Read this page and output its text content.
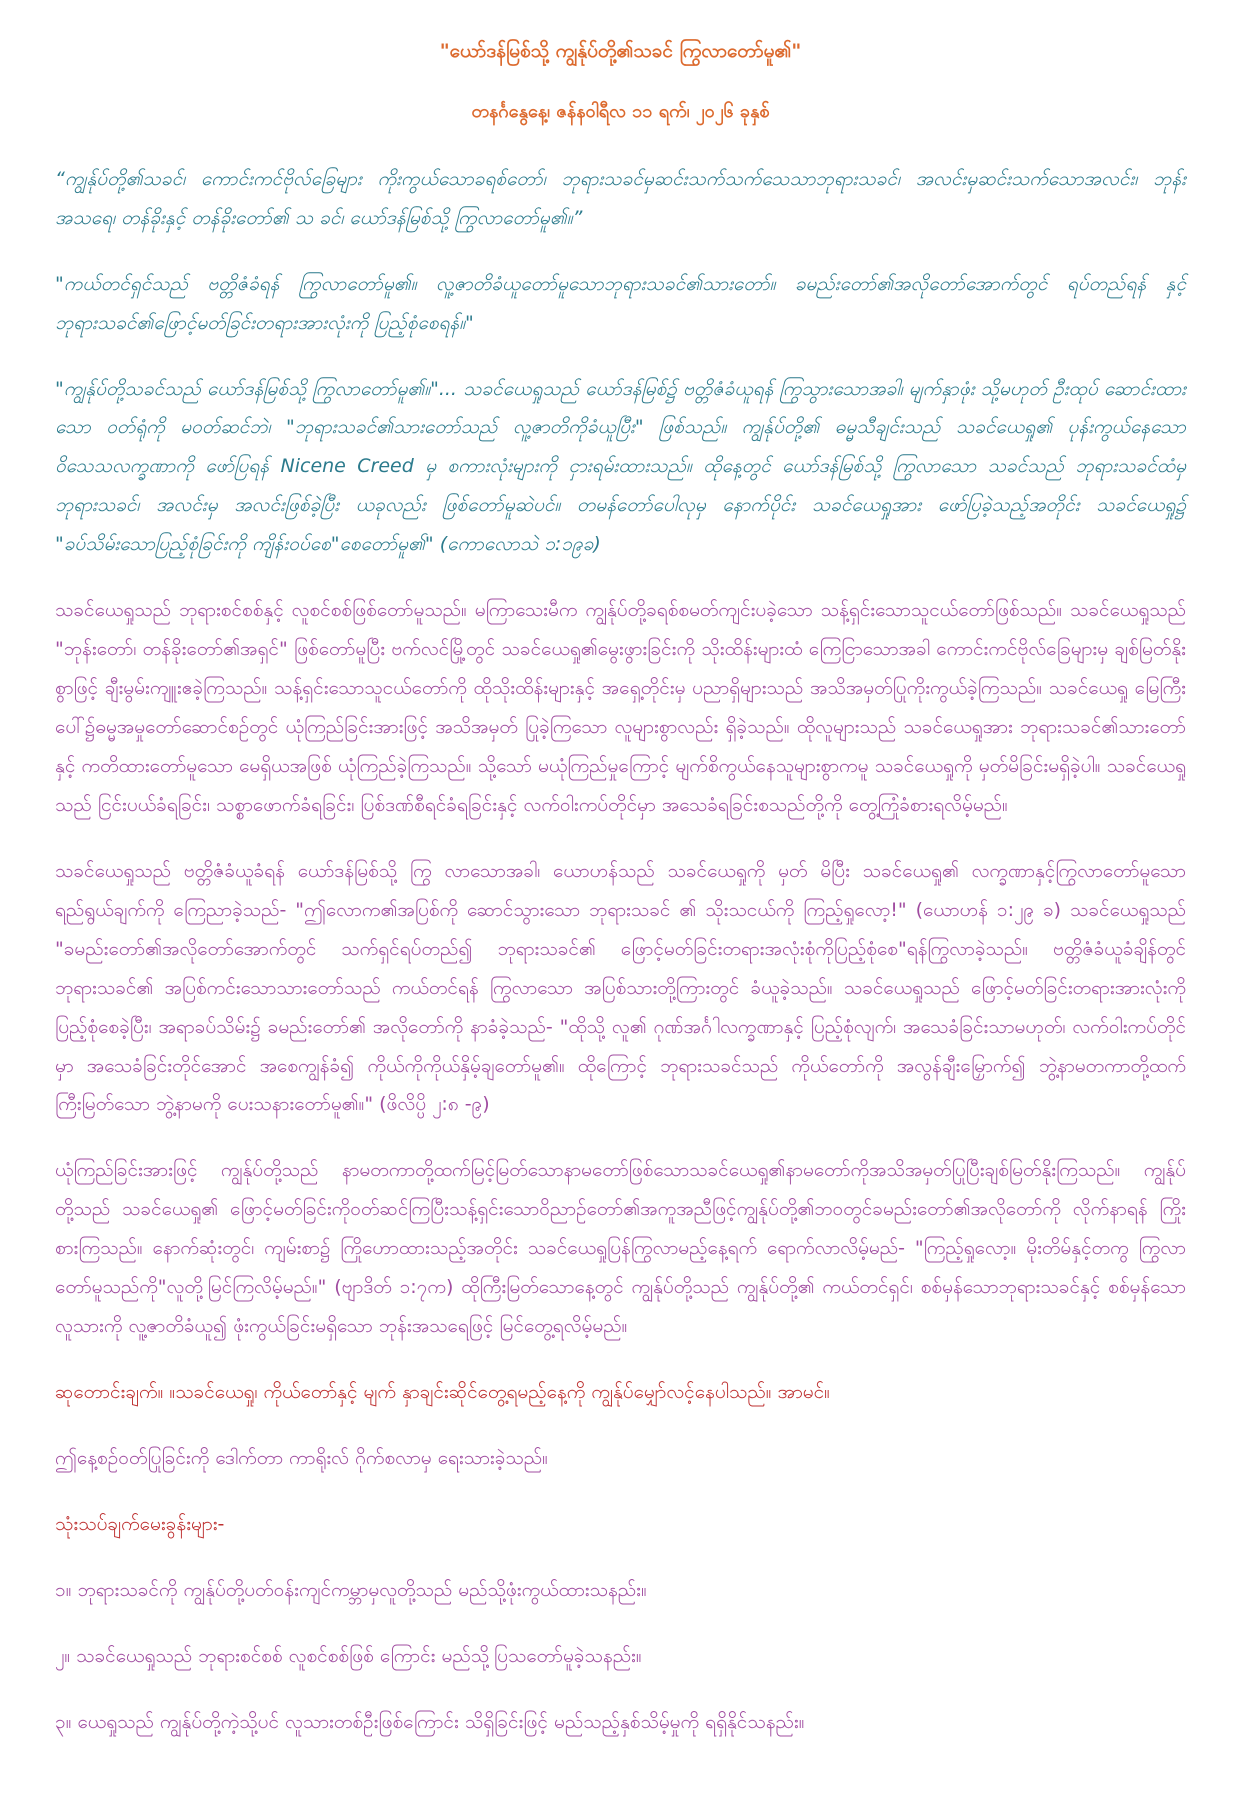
"ယော်ဒန်မြစ်သို့ ကျွန်ုပ်တို့၏သခင် ကြွလာတော်မူ၏"
တနင်္ဂနွေနေ့၊ ဇန်နဝါရီလ ၁၁ ရက်၊ ၂၀၂၆ ခုနှစ်

“ကျွန်ုပ်တို့၏သခင်၊ ကောင်းကင်ဗိုလ်ခြေများ ကိုးကွယ်သောခရစ်တော်၊ ဘုရားသခင်မှဆင်းသက်သက်သေသာဘုရားသခင်၊ အလင်းမှဆင်းသက်သောအလင်း၊ ဘုန်းအသရေ၊ တန်ခိုးနှင့် တန်ခိုးတော်၏ သ ခင်၊ ယော်ဒန်မြစ်သို့ ကြွလာတော်မူ၏။”

"ကယ်တင်ရှင်သည် ဗတ္တိဇံခံရန် ကြွလာတော်မူ၏။ လူ့ဇာတိခံယူတော်မူသောဘုရားသခင်၏သားတော်။ ခမည်းတော်၏အလိုတော်အောက်တွင် ရပ်တည်ရန် နှင့် ဘုရားသခင်၏ဖြောင့်မတ်ခြင်းတရားအားလုံးကို ပြည့်စုံစေရန်။"

"ကျွန်ုပ်တို့သခင်သည် ယော်ဒန်မြစ်သို့ ကြွလာတော်မူ၏။"... သခင်ယေရှုသည် ယော်ဒန်မြစ်၌ ဗတ္တိဇံခံယူရန် ကြွသွားသောအခါ၊ မျက်နှာဖုံး သို့မဟုတ် ဦးထုပ် ဆောင်းထားသော ဝတ်ရုံကို မဝတ်ဆင်ဘဲ၊ "ဘုရားသခင်၏သားတော်သည် လူ့ဇာတိကိုခံယူပြီး" ဖြစ်သည်။ ကျွန်ုပ်တို့၏ ဓမ္မသီချင်းသည် သခင်ယေရှု၏ ပုန်းကွယ်နေသော ဝိသေသလက္ခဏာကို ဖော်ပြရန် Nicene Creed မှ စကားလုံးများကို ငှားရမ်းထားသည်။ ထိုနေ့တွင် ယော်ဒန်မြစ်သို့ ကြွလာသော သခင်သည် ဘုရားသခင်ထံမှ ဘုရားသခင်၊ အလင်းမှ အလင်းဖြစ်ခဲ့ပြီး ယခုလည်း ဖြစ်တော်မူဆဲပင်။ တမန်တော်ပေါလုမှ နောက်ပိုင်း သခင်ယေရှုအား ဖော်ပြခဲ့သည့်အတိုင်း သခင်ယေရှု၌ "ခပ်သိမ်းသောပြည့်စုံခြင်းကို ကျိန်းဝပ်စေ"စေတော်မူ၏" (ကောလောသဲ ၁:၁၉ခ)

သခင်ယေရှုသည် ဘုရားစင်စစ်နှင့် လူစင်စစ်ဖြစ်တော်မူသည်။ မကြာသေးမီက ကျွန်ုပ်တို့ခရစ်စမတ်ကျင်းပခဲ့သော သန့်ရှင်းသောသူငယ်တော်ဖြစ်သည်။ သခင်ယေရှုသည် "ဘုန်းတော်၊ တန်ခိုးတော်၏အရှင်" ဖြစ်တော်မူပြီး ဗက်လင်မြို့တွင် သခင်ယေရှု၏မွေးဖွားခြင်းကို သိုးထိန်းများထံ ကြေငြာသောအခါ ကောင်းကင်ဗိုလ်ခြေများမှ ချစ်မြတ်နိုးစွာဖြင့် ချီးမွမ်းကျူးဧခဲ့ကြသည်။ သန့်ရှင်းသောသူငယ်တော်ကို ထိုသိုးထိန်းများနှင့် အရှေ့တိုင်းမှ ပညာရှိများသည် အသိအမှတ်ပြုကိုးကွယ်ခဲ့ကြသည်။ သခင်ယေရှု မြေကြီးပေါ်၌ဓမ္မအမှုတော်ဆောင်စဉ်တွင် ယုံကြည်ခြင်းအားဖြင့် အသိအမှတ် ပြုခဲ့ကြသော လူများစွာလည်း ရှိခဲ့သည်။ ထိုလူများသည် သခင်ယေရှုအား ဘုရားသခင်၏သားတော်နှင့် ကတိထားတော်မူသော မေရှိယအဖြစ် ယုံကြည်ခဲ့ကြသည်။ သို့သော် မယုံကြည်မှုကြောင့် မျက်စိကွယ်နေသူများစွာကမူ သခင်ယေရှုကို မှတ်မိခြင်းမရှိခဲ့ပါ။ သခင်ယေရှုသည် ငြင်းပယ်ခံရခြင်း၊ သစ္စာဖောက်ခံရခြင်း၊ ပြစ်ဒဏ်စီရင်ခံရခြင်းနှင့် လက်ဝါးကပ်တိုင်မှာ အသေခံရခြင်းစသည်တို့ကို တွေ့ကြုံခံစားရလိမ့်မည်။

သခင်ယေရှုသည် ဗတ္တိဇံခံယူခံရန် ယော်ဒန်မြစ်သို့ ကြွ လာသောအခါ၊ ယောဟန်သည် သခင်ယေရှုကို မှတ် မိပြီး သခင်ယေရှု၏ လက္ခဏာနှင့်ကြွလာတော်မူသော ရည်ရွယ်ချက်ကို ကြေညာခဲ့သည်- "ဤလောက၏အပြစ်ကို ဆောင်သွားသော ဘုရားသခင် ၏ သိုးသငယ်ကို ကြည့်ရှုလော့!" (ယောဟန် ၁:၂၉ ခ) သခင်ယေရှုသည် "ခမည်းတော်၏အလိုတော်အောက်တွင် သက်ရှင်ရပ်တည်၍ ဘုရားသခင်၏ ဖြောင့်မတ်ခြင်းတရားအလုံးစုံကိုပြည့်စုံစေ"ရန်ကြွလာခဲ့သည်။ ဗတ္တိဇံခံယူခံချိန်တွင် ဘုရားသခင်၏ အပြစ်ကင်းသောသားတော်သည် ကယ်တင်ရန် ကြွလာသော အပြစ်သားတို့ကြားတွင် ခံယူခဲ့သည်။ သခင်ယေရှုသည် ဖြောင့်မတ်ခြင်းတရားအားလုံးကို ပြည့်စုံစေခဲ့ပြီး၊ အရာခပ်သိမ်း၌ ခမည်းတော်၏ အလိုတော်ကို နာခံခဲ့သည်- "ထိုသို့ လူ၏ ဂုဏ်အင်္ဂါလက္ခဏာနှင့် ပြည့်စုံလျက်၊ အသေခံခြင်းသာမဟုတ်၊ လက်ဝါးကပ်တိုင်မှာ အသေခံခြင်းတိုင်အောင် အစေကျွန်ခံ၍ ကိုယ်ကိုကိုယ်နှိမ့်ချတော်မူ၏။ ထိုကြောင့် ဘုရားသခင်သည် ကိုယ်တော်ကို အလွန်ချီးမြှောက်၍ ဘွဲ့နာမတကာတို့ထက် ကြီးမြတ်သော ဘွဲ့နာမကို ပေးသနားတော်မူ၏။" (ဖိလိပ္ပိ ၂:၈ -၉)

ယုံကြည်ခြင်းအားဖြင့် ကျွန်ုပ်တို့သည် နာမတကာတို့ထက်မြင့်မြတ်သောနာမတော်ဖြစ်သောသခင်ယေရှု၏နာမတော်ကိုအသိအမှတ်ပြုပြီးချစ်မြတ်နိုးကြသည်။ ကျွန်ုပ်တို့သည် သခင်ယေရှု၏ ဖြောင့်မတ်ခြင်းကိုဝတ်ဆင်ကြပြီးသန့်ရှင်းသောဝိညာဉ်တော်၏အကူအညီဖြင့်ကျွန်ုပ်တို့၏ဘဝတွင်ခမည်းတော်၏အလိုတော်ကို လိုက်နာရန် ကြိုး စားကြသည်။ နောက်ဆုံးတွင်၊ ကျမ်းစာ၌ ကြိုဟောထားသည့်အတိုင်း သခင်ယေရှုပြန်ကြွလာမည့်နေ့ရက် ရောက်လာလိမ့်မည်- "ကြည့်ရှုလော့။ မိုးတိမ်နှင့်တကွ ကြွလာတော်မူသည်ကို"လူတို့မြင်ကြလိမ့်မည်။" (ဗျာဒိတ် ၁:၇က) ထိုကြီးမြတ်သောနေ့တွင် ကျွန်ုပ်တို့သည် ကျွန်ုပ်တို့၏ ကယ်တင်ရှင်၊ စစ်မှန်သောဘုရားသခင်နှင့် စစ်မှန်သောလူသားကို လူ့ဇာတိခံယူ၍ ဖုံးကွယ်ခြင်းမရှိသော ဘုန်းအသရေဖြင့် မြင်တွေ့ရလိမ့်မည်။

ဆုတောင်းချက်။ ။သခင်ယေရှု၊ ကိုယ်တော်နှင့် မျက် နှာချင်းဆိုင်တွေ့ရမည့်နေ့ကို ကျွန်ုပ်မျှော်လင့်နေပါသည်။ အာမင်။

ဤနေ့စဉ်ဝတ်ပြုခြင်းကို ဒေါက်တာ ကာရိုးလ် ဂိုက်စလာမှ ရေးသားခဲ့သည်။

သုံးသပ်ချက်မေးခွန်းများ-

၁။ ဘုရားသခင်ကို ကျွန်ုပ်တို့ပတ်ဝန်းကျင်ကမ္ဘာမှလူတို့သည် မည်သို့ဖုံးကွယ်ထားသနည်း။

၂။ သခင်ယေရှုသည် ဘုရားစင်စစ် လူစင်စစ်ဖြစ် ကြောင်း မည်သို့ပြသတော်မူခဲ့သနည်း။

၃။ ယေရှုသည် ကျွန်ုပ်တို့ကဲ့သို့ပင် လူသားတစ်ဦးဖြစ်ကြောင်း သိရှိခြင်းဖြင့် မည်သည့်နှစ်သိမ့်မှုကို ရရှိနိုင်သနည်း။
